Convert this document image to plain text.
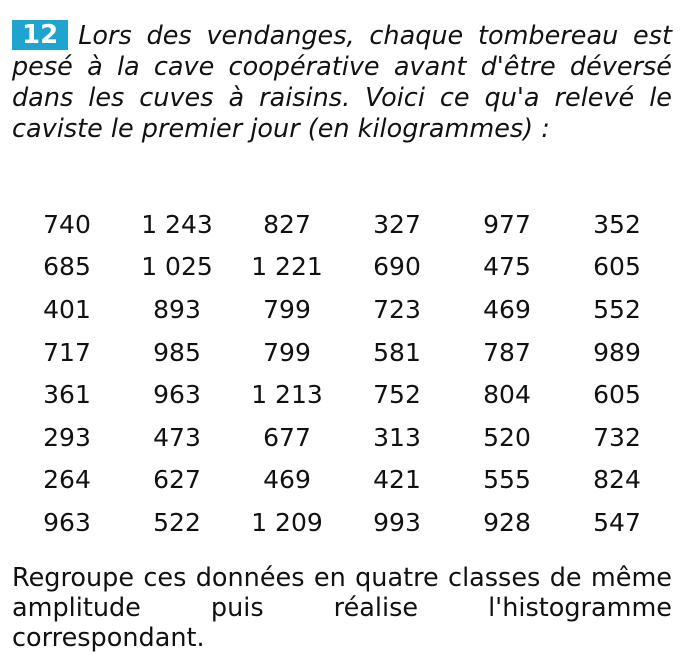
12 Lors des vendanges, chaque tombereau est pesé à la cave coopérative avant d'être déversé dans les cuves à raisins. Voici ce qu'a relevé le caviste le premier jour (en kilogrammes) :

740	1 243	827	327	977	352
685	1 025	1 221	690	475	605
401	893	799	723	469	552
717	985	799	581	787	989
361	963	1 213	752	804	605
293	473	677	313	520	732
264	627	469	421	555	824
963	522	1 209	993	928	547

Regroupe ces données en quatre classes de même amplitude puis réalise l'histogramme correspondant.
